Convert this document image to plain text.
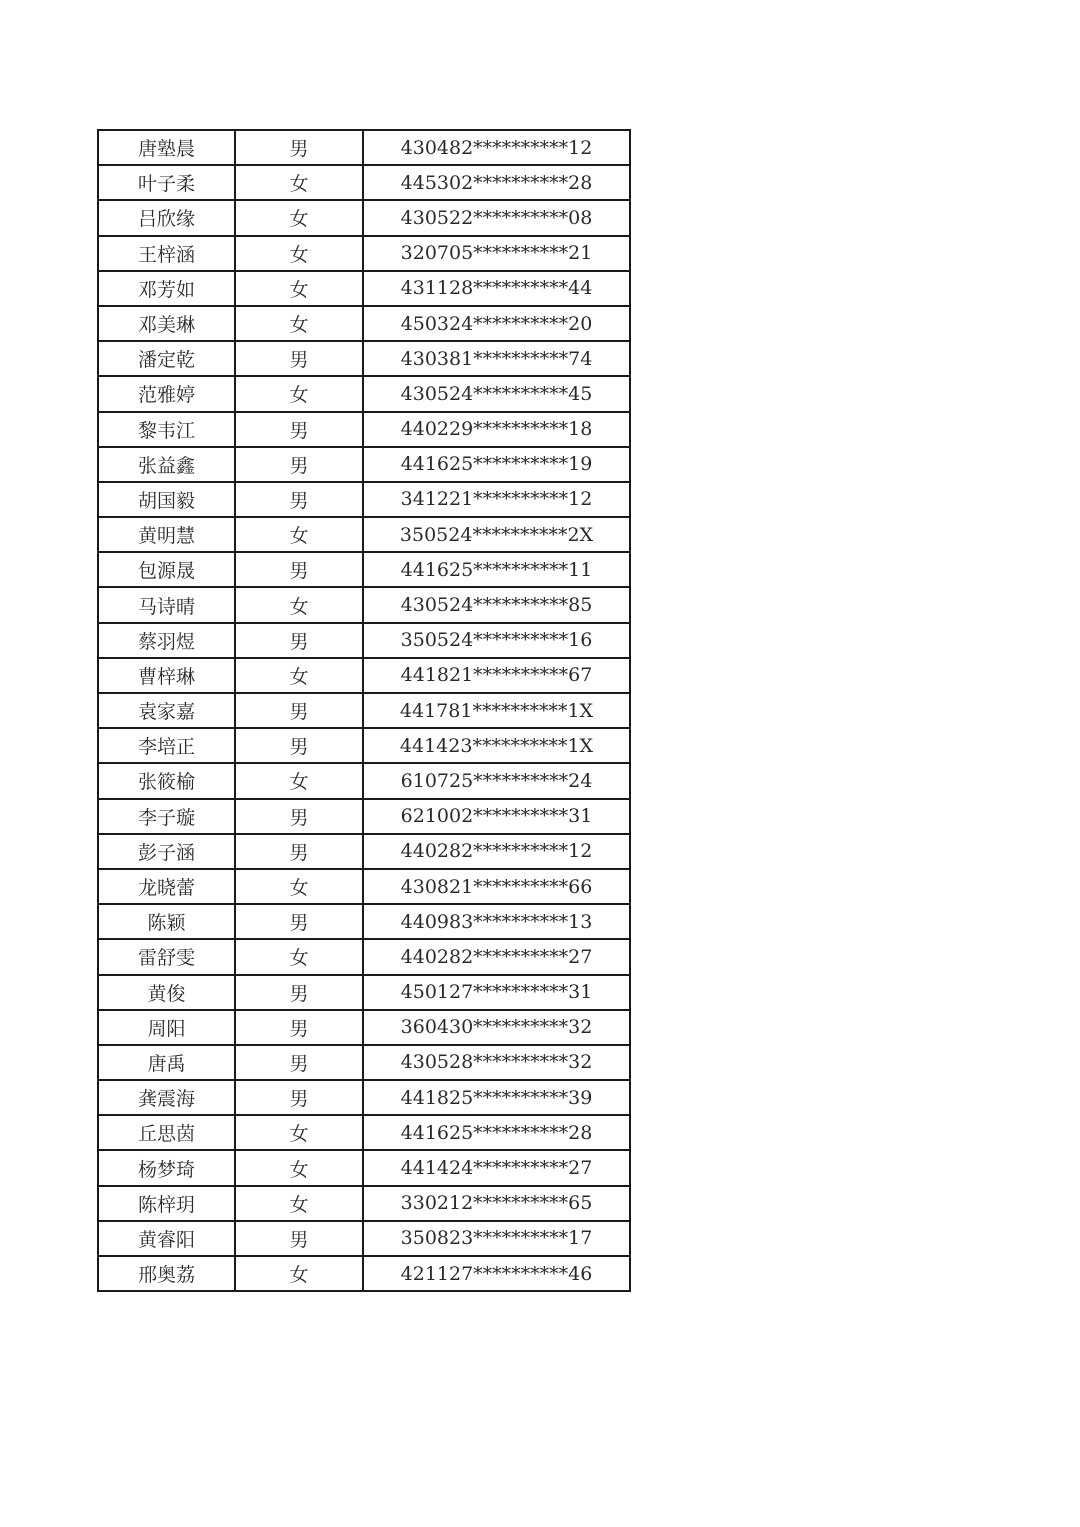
唐塾晨	男	430482**********12
叶子柔	女	445302**********28
吕欣缘	女	430522**********08
王梓涵	女	320705**********21
邓芳如	女	431128**********44
邓美琳	女	450324**********20
潘定乾	男	430381**********74
范雅婷	女	430524**********45
黎韦江	男	440229**********18
张益鑫	男	441625**********19
胡国毅	男	341221**********12
黄明慧	女	350524**********2X
包源晟	男	441625**********11
马诗晴	女	430524**********85
蔡羽煜	男	350524**********16
曹梓琳	女	441821**********67
袁家嘉	男	441781**********1X
李培正	男	441423**********1X
张筱榆	女	610725**********24
李子璇	男	621002**********31
彭子涵	男	440282**********12
龙晓蕾	女	430821**********66
陈颖	男	440983**********13
雷舒雯	女	440282**********27
黄俊	男	450127**********31
周阳	男	360430**********32
唐禹	男	430528**********32
龚震海	男	441825**********39
丘思茵	女	441625**********28
杨梦琦	女	441424**********27
陈梓玥	女	330212**********65
黄睿阳	男	350823**********17
邢奥荔	女	421127**********46
